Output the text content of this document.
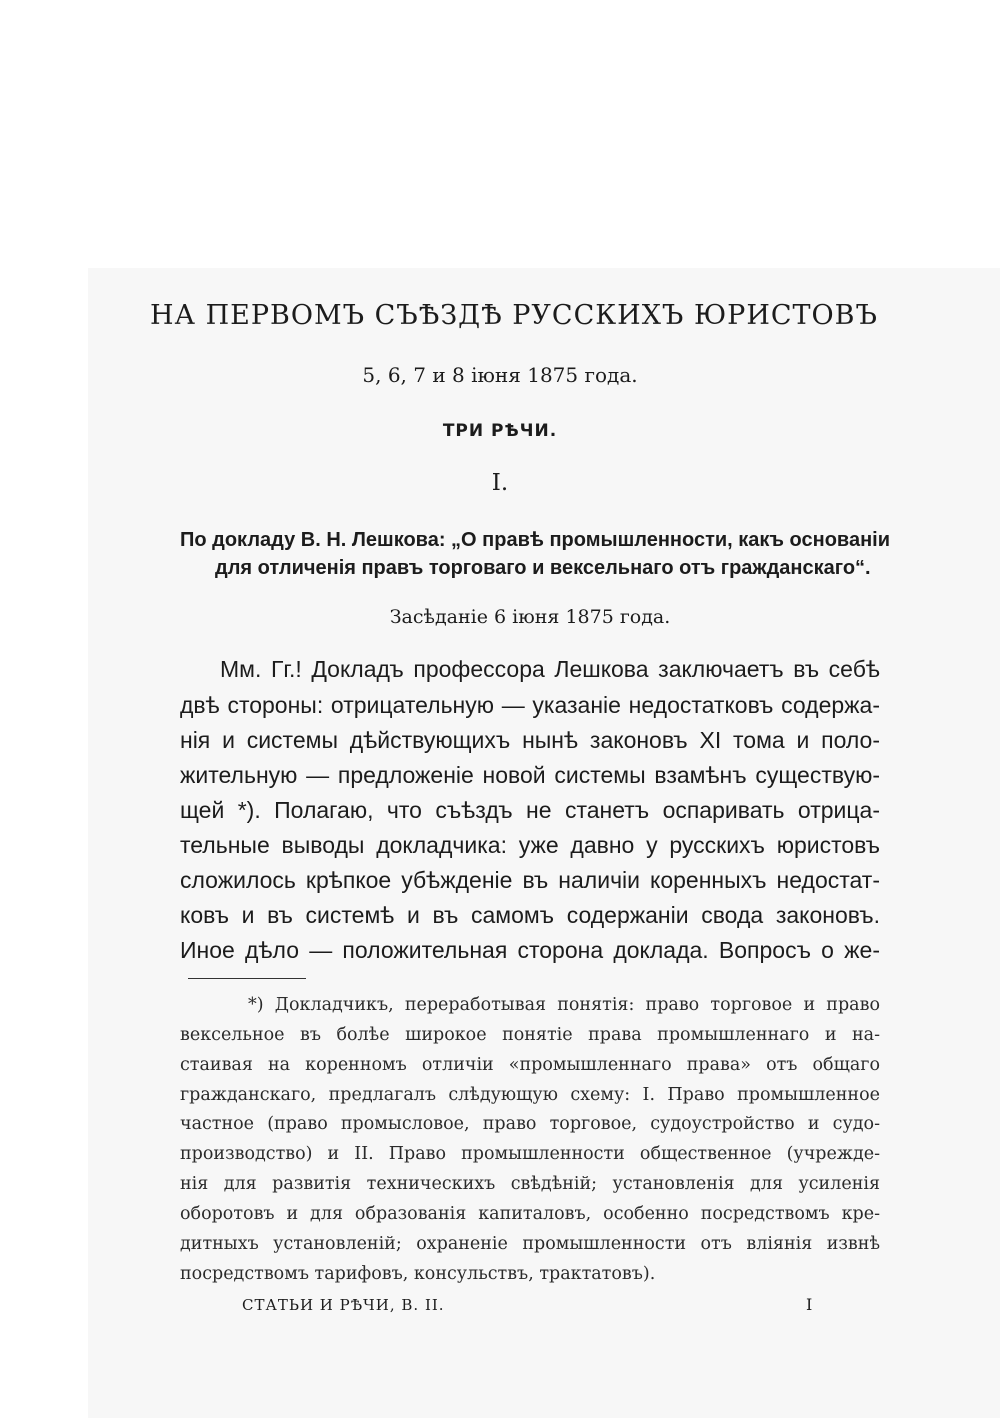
НА ПЕРВОМЪ СЪѢЗДѢ РУССКИХЪ ЮРИСТОВЪ

5, 6, 7 и 8 іюня 1875 года.

ТРИ РѢЧИ.

I.

По докладу В. Н. Лешкова: „О правѣ промышленности, какъ основаніи

для отличенія правъ торговаго и вексельнаго отъ гражданскаго“.

Засѣданіе 6 іюня 1875 года.

Мм. Гг.! Докладъ профессора Лешкова заключаетъ въ себѣ

двѣ стороны: отрицательную — указаніе недостатковъ содержа-

нія и системы дѣйствующихъ нынѣ законовъ XI тома и поло-

жительную — предложеніе новой системы взамѣнъ существую-

щей *). Полагаю, что съѣздъ не станетъ оспаривать отрица-

тельные выводы докладчика: уже давно у русскихъ юристовъ

сложилось крѣпкое убѣжденіе въ наличіи коренныхъ недостат-

ковъ и въ системѣ и въ самомъ содержаніи свода законовъ.

Иное дѣло — положительная сторона доклада. Вопросъ о же-

*) Докладчикъ, переработывая понятія: право торговое и право

вексельное въ болѣе широкое понятіе права промышленнаго и на-

стаивая на коренномъ отличіи «промышленнаго права» отъ общаго

гражданскаго, предлагалъ слѣдующую схему: I. Право промышленное

частное (право промысловое, право торговое, судоустройство и судо-

производство) и II. Право промышленности общественное (учрежде-

нія для развитія техническихъ свѣдѣній; установленія для усиленія

оборотовъ и для образованія капиталовъ, особенно посредствомъ кре-

дитныхъ установленій; охраненіе промышленности отъ вліянія извнѣ

посредствомъ тарифовъ, консульствъ, трактатовъ).

СТАТЬИ И РѢЧИ, В. II.	I
